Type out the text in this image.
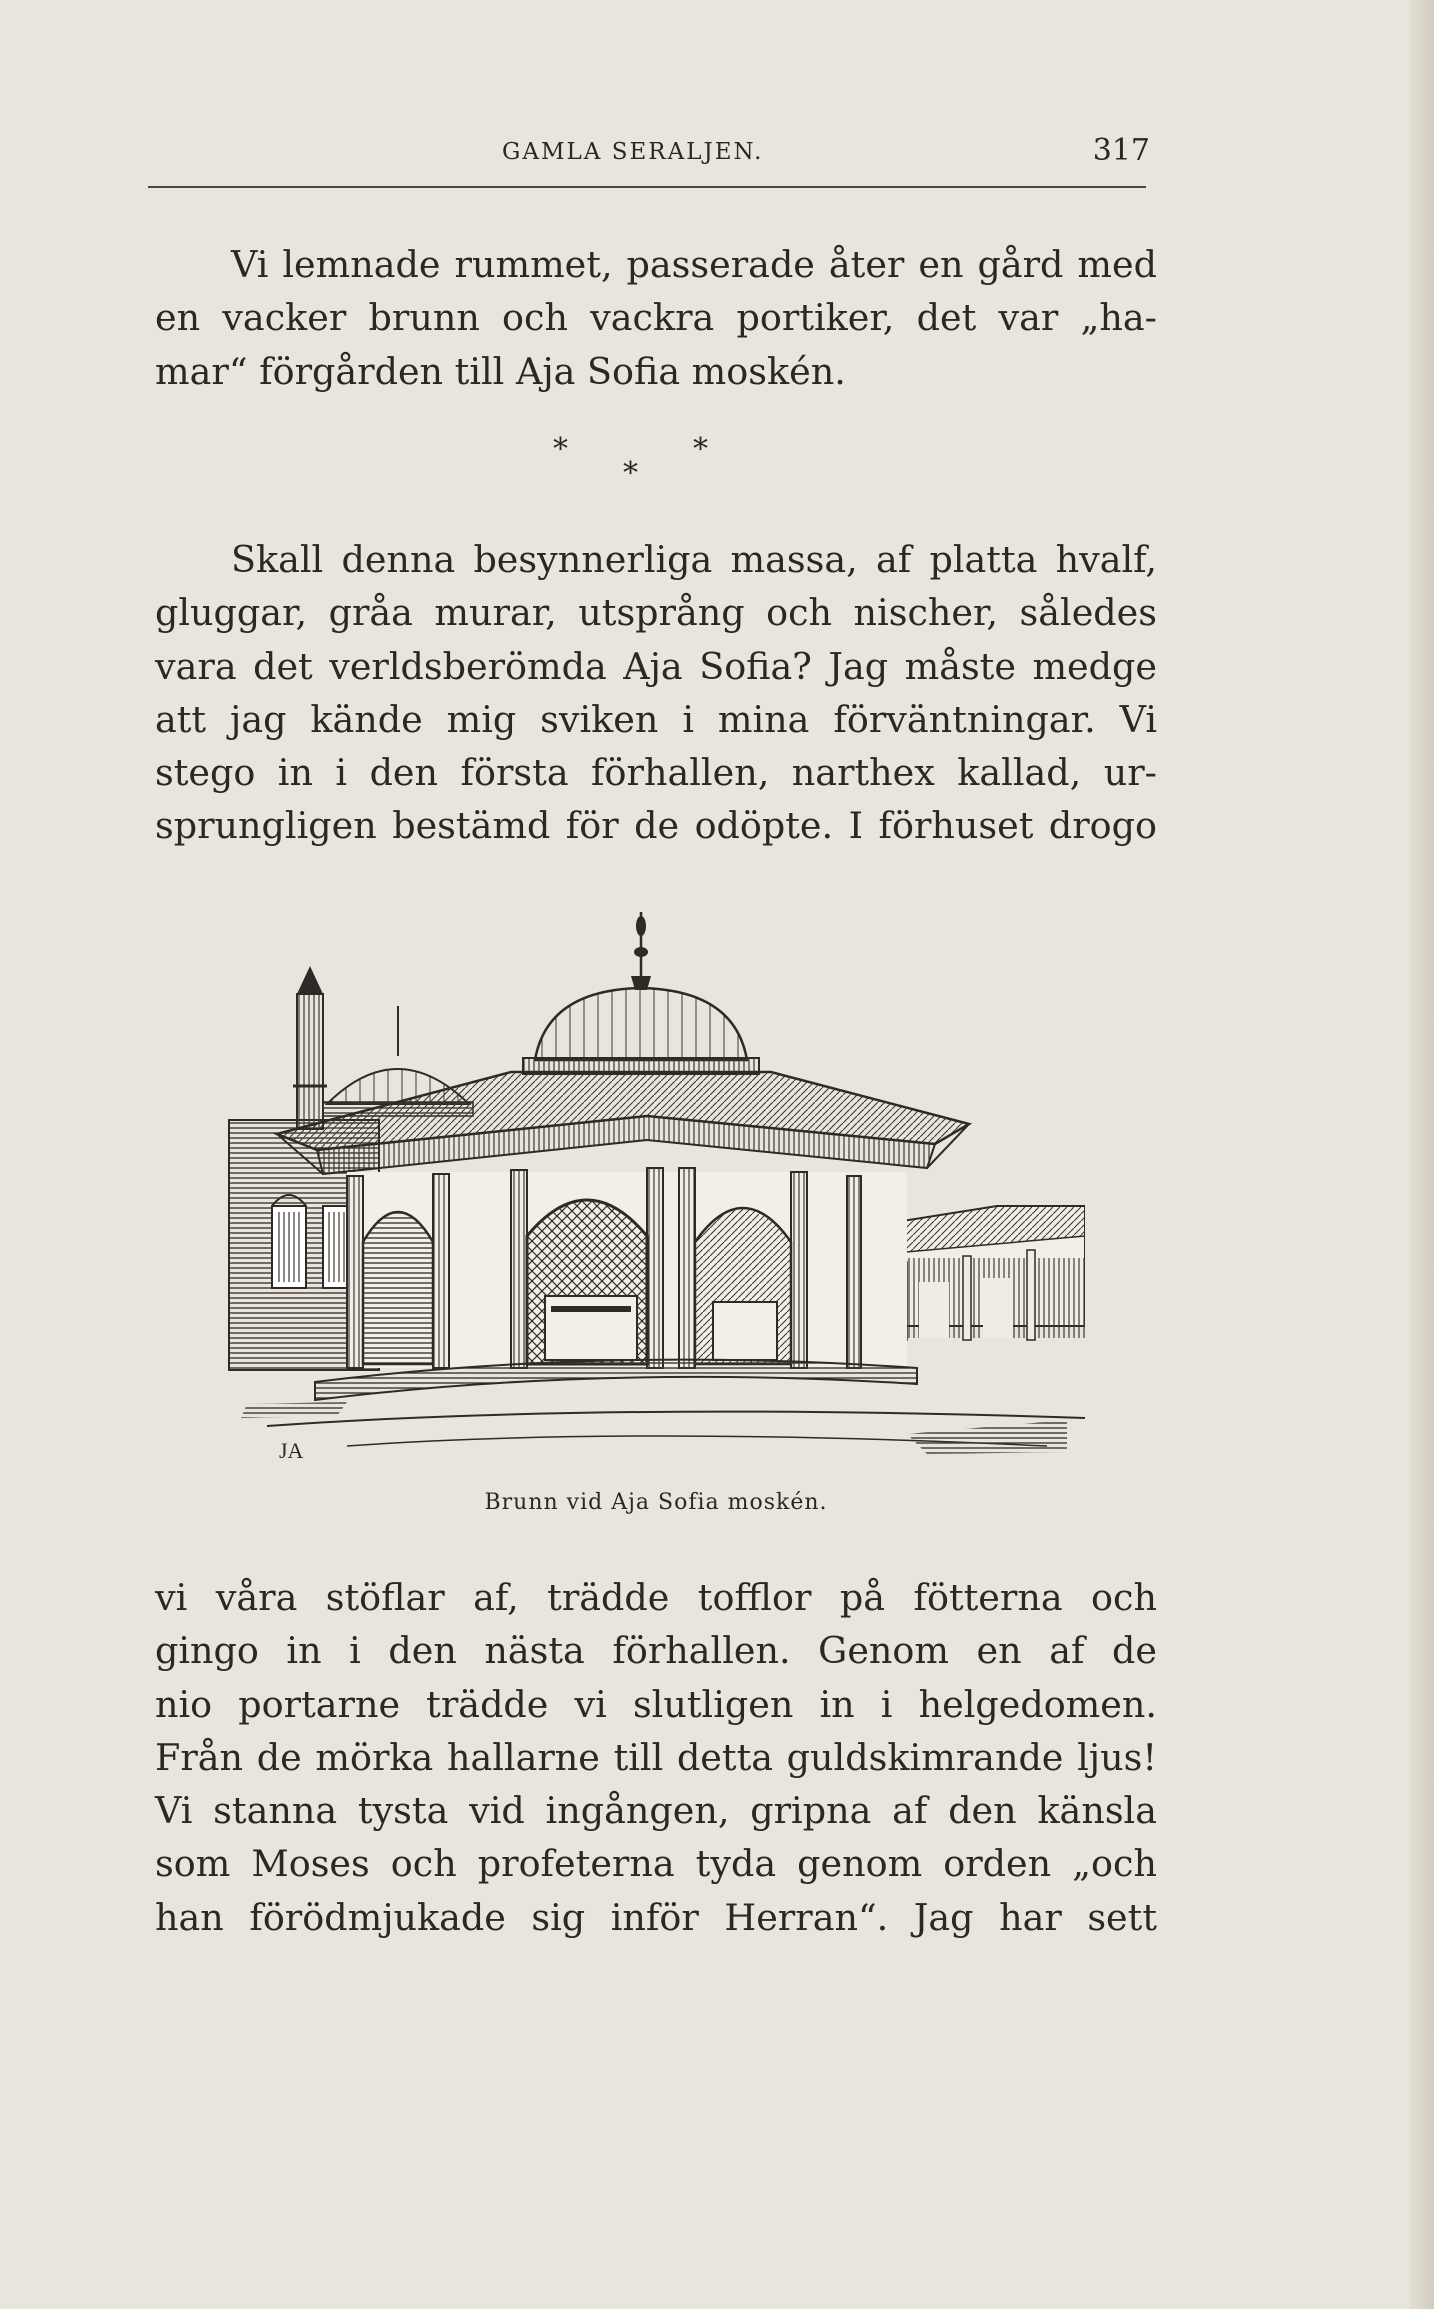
GAMLA SERALJEN.	317
Vi lemnade rummet, passerade åter en gård med
en vacker brunn och vackra portiker, det var „ha-
mar“ förgården till Aja Sofia moskén.
*	*
*
Skall denna besynnerliga massa, af platta hvalf,
gluggar, gråa murar, utsprång och nischer, således
vara det verldsberömda Aja Sofia? Jag måste medge
att jag kände mig sviken i mina förväntningar. Vi
stego in i den första förhallen, narthex kallad, ur-
sprungligen bestämd för de odöpte. I förhuset drogo
JA
Brunn vid Aja Sofia moskén.
vi våra stöflar af, trädde tofflor på fötterna och
gingo in i den nästa förhallen. Genom en af de
nio portarne trädde vi slutligen in i helgedomen.
Från de mörka hallarne till detta guldskimrande ljus!
Vi stanna tysta vid ingången, gripna af den känsla
som Moses och profeterna tyda genom orden „och
han förödmjukade sig inför Herran“. Jag har sett
